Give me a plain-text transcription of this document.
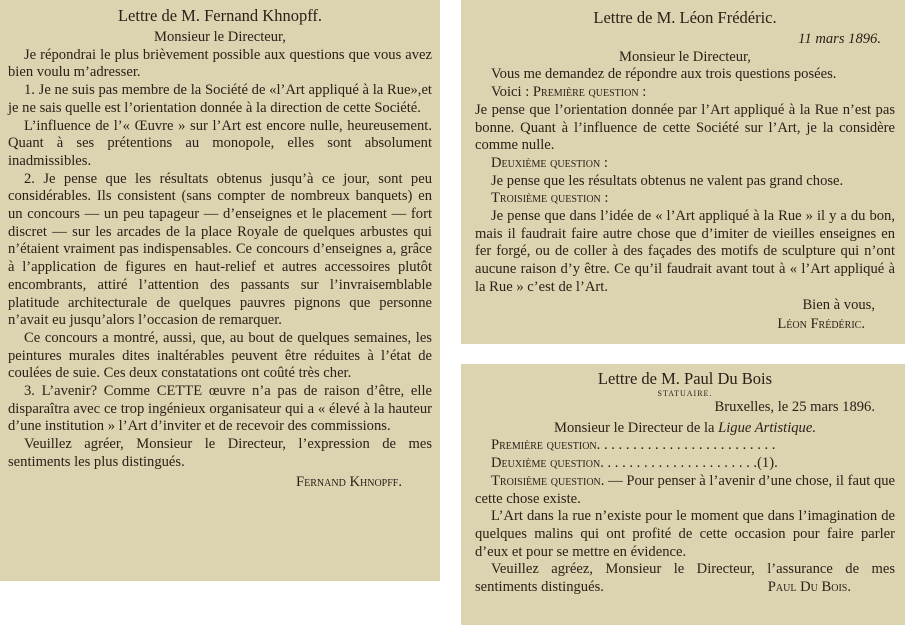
Lettre de M. Fernand Khnopff.
Monsieur le Directeur,

Je répondrai le plus brièvement possible aux questions que vous avez bien voulu m’adresser.

1. Je ne suis pas membre de la Société de «l’Art appliqué à la Rue»,et je ne sais quelle est l’orientation donnée à la direction de cette Société.

L’influence de l’« Œuvre » sur l’Art est encore nulle, heureusement. Quant à ses prétentions au monopole, elles sont absolument inadmissibles.

2. Je pense que les résultats obtenus jusqu’à ce jour, sont peu considérables. Ils consistent (sans compter de nombreux banquets) en un concours — un peu tapageur — d’enseignes et le placement — fort discret — sur les arcades de la place Royale de quelques arbustes qui n’étaient vraiment pas indispensables. Ce concours d’enseignes a, grâce à l’application de figures en haut-relief et autres accessoires plutôt encombrants, attiré l’attention des passants sur l’invraisemblable platitude architecturale de quelques pauvres pignons que personne n’avait eu jusqu’alors l’occasion de remarquer.

Ce concours a montré, aussi, que, au bout de quelques semaines, les peintures murales dites inaltérables peuvent être réduites à l’état de coulées de suie. Ces deux constatations ont coûté très cher.

3. L’avenir? Comme CETTE œuvre n’a pas de raison d’être, elle disparaîtra avec ce trop ingénieux organisateur qui a « élevé à la hauteur d’une institution » l’Art d’inviter et de recevoir des commissions.

Veuillez agréer, Monsieur le Directeur, l’expression de mes sentiments les plus distingués.

Fernand Khnopff.
Lettre de M. Léon Frédéric.
11 mars 1896.
Monsieur le Directeur,

Vous me demandez de répondre aux trois questions posées.

Voici : Première question :

Je pense que l’orientation donnée par l’Art appliqué à la Rue n’est pas bonne. Quant à l’influence de cette Société sur l’Art, je la considère comme nulle.

Deuxième question :

Je pense que les résultats obtenus ne valent pas grand chose.

Troisième question :

Je pense que dans l’idée de « l’Art appliqué à la Rue » il y a du bon, mais il faudrait faire autre chose que d’imiter de vieilles enseignes en fer forgé, ou de coller à des façades des motifs de sculpture qui n’ont aucune raison d’y être. Ce qu’il faudrait avant tout à « l’Art appliqué à la Rue » c’est de l’Art.

Bien à vous,
Léon Frédéric.
Lettre de M. Paul Du Bois
STATUAIRE.
Bruxelles, le 25 mars 1896.
Monsieur le Directeur de la Ligue Artistique.
Première question. . . . . . . . . . . . . . . . . . . . . . . . .
Deuxième question. . . . . . . . . . . . . . . . . . . . . .(1).

Troisième question. — Pour penser à l’avenir d’une chose, il faut que cette chose existe.

L’Art dans la rue n’existe pour le moment que dans l’imagination de quelques malins qui ont profité de cette occasion pour faire parler d’eux et pour se mettre en évidence.

Veuillez agréez, Monsieur le Directeur, l’assurance de mes sentiments distingués.	Paul Du Bois.
